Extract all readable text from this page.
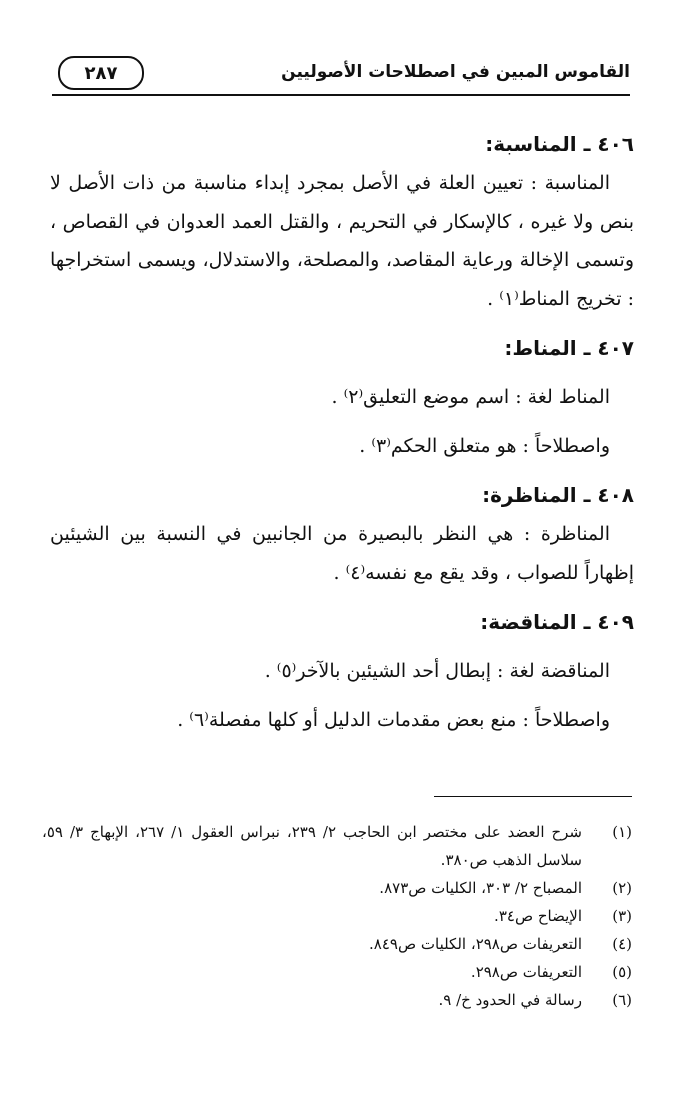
القاموس المبين في اصطلاحات الأصوليين
٢٨٧
٤٠٦ ـ المناسبة:

المناسبة : تعيين العلة في الأصل بمجرد إبداء مناسبة من ذات الأصل لا بنص ولا غيره ، كالإسكار في التحريم ، والقتل العمد العدوان في القصاص ، وتسمى الإخالة ورعاية المقاصد، والمصلحة، والاستدلال، ويسمى استخراجها : تخريج المناط⁽١⁾ .

٤٠٧ ـ المناط:

المناط لغة : اسم موضع التعليق⁽٢⁾ .

واصطلاحاً : هو متعلق الحكم⁽٣⁾ .

٤٠٨ ـ المناظرة:

المناظرة : هي النظر بالبصيرة من الجانبين في النسبة بين الشيئين إظهاراً للصواب ، وقد يقع مع نفسه⁽٤⁾ .

٤٠٩ ـ المناقضة:

المناقضة لغة : إبطال أحد الشيئين بالآخر⁽٥⁾ .

واصطلاحاً : منع بعض مقدمات الدليل أو كلها مفصلة⁽٦⁾ .

(١)
شرح العضد على مختصر ابن الحاجب ٢/ ٢٣٩، نبراس العقول ١/ ٢٦٧، الإبهاج ٣/ ٥٩، سلاسل الذهب ص٣٨٠.
(٢)
المصباح ٢/ ٣٠٣، الكليات ص٨٧٣.
(٣)
الإيضاح ص٣٤.
(٤)
التعريفات ص٢٩٨، الكليات ص٨٤٩.
(٥)
التعريفات ص٢٩٨.
(٦)
رسالة في الحدود خ/ ٩.
